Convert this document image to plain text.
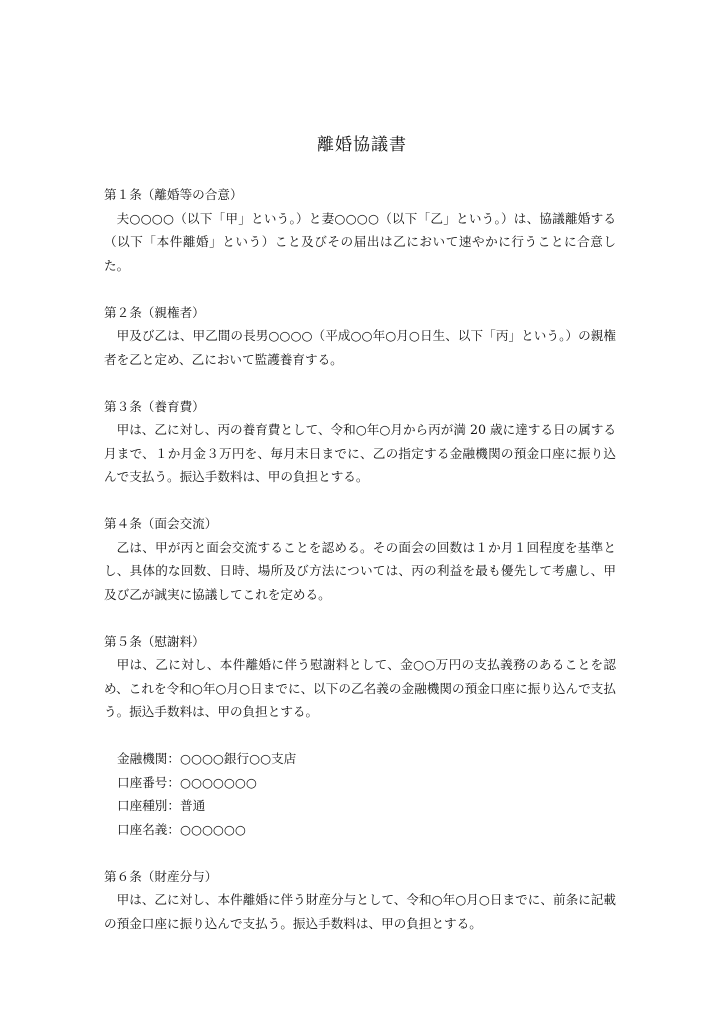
離婚協議書

第１条（離婚等の合意）

夫○○○○（以下「甲」という。）と妻○○○○（以下「乙」という。）は、協議離婚する（以下「本件離婚」という）こと及びその届出は乙において速やかに行うことに合意した。

第２条（親権者）

甲及び乙は、甲乙間の長男○○○○（平成○○年○月○日生、以下「丙」という。）の親権者を乙と定め、乙において監護養育する。

第３条（養育費）

甲は、乙に対し、丙の養育費として、令和○年○月から丙が満 20 歳に達する日の属する月まで、１か月金３万円を、毎月末日までに、乙の指定する金融機関の預金口座に振り込んで支払う。振込手数料は、甲の負担とする。

第４条（面会交流）

乙は、甲が丙と面会交流することを認める。その面会の回数は１か月１回程度を基準とし、具体的な回数、日時、場所及び方法については、丙の利益を最も優先して考慮し、甲及び乙が誠実に協議してこれを定める。

第５条（慰謝料）

甲は、乙に対し、本件離婚に伴う慰謝料として、金○○万円の支払義務のあることを認め、これを令和○年○月○日までに、以下の乙名義の金融機関の預金口座に振り込んで支払う。振込手数料は、甲の負担とする。

金融機関：○○○○銀行○○支店

口座番号：○○○○○○○

口座種別：普通

口座名義：○○○○○○

第６条（財産分与）

甲は、乙に対し、本件離婚に伴う財産分与として、令和○年○月○日までに、前条に記載の預金口座に振り込んで支払う。振込手数料は、甲の負担とする。
